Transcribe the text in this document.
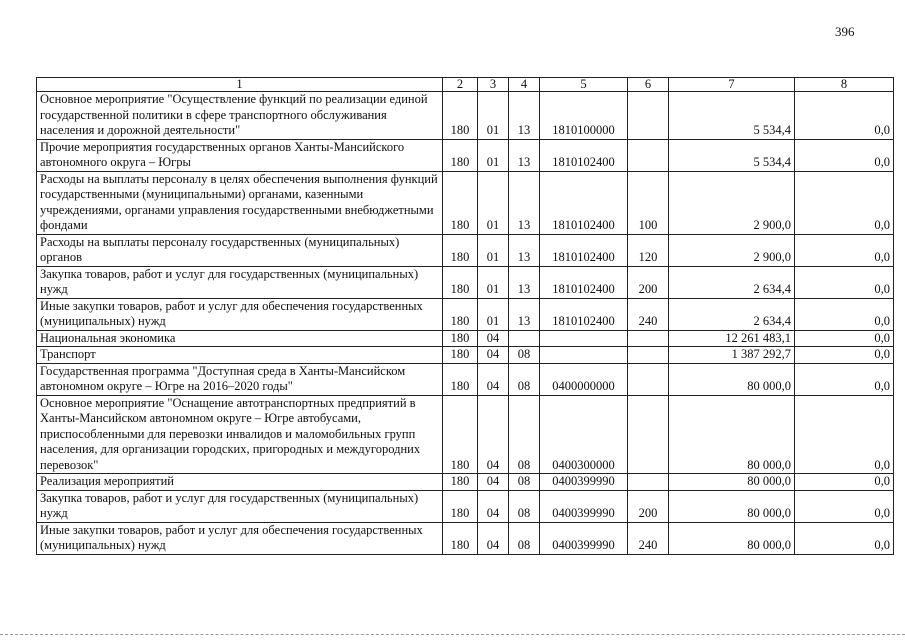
396
1	2	3	4	5	6	7	8
Основное мероприятие "Осуществление функций по реализации единой государственной политики в сфере транспортного обслуживания населения и дорожной деятельности"	180	01	13	1810100000		5 534,4	0,0
Прочие мероприятия государственных органов Ханты-Мансийского автономного округа – Югры	180	01	13	1810102400		5 534,4	0,0
Расходы на выплаты персоналу в целях обеспечения выполнения функций государственными (муниципальными) органами, казенными учреждениями, органами управления государственными внебюджетными фондами	180	01	13	1810102400	100	2 900,0	0,0
Расходы на выплаты персоналу государственных (муниципальных) органов	180	01	13	1810102400	120	2 900,0	0,0
Закупка товаров, работ и услуг для государственных (муниципальных) нужд	180	01	13	1810102400	200	2 634,4	0,0
Иные закупки товаров, работ и услуг для обеспечения государственных (муниципальных) нужд	180	01	13	1810102400	240	2 634,4	0,0
Национальная экономика	180	04				12 261 483,1	0,0
Транспорт	180	04	08			1 387 292,7	0,0
Государственная программа "Доступная среда в Ханты-Мансийском автономном округе – Югре на 2016–2020 годы"	180	04	08	0400000000		80 000,0	0,0
Основное мероприятие "Оснащение автотранспортных предприятий в Ханты-Мансийском автономном округе – Югре автобусами, приспособленными для перевозки инвалидов и маломобильных групп населения, для организации городских, пригородных и междугородних перевозок"	180	04	08	0400300000		80 000,0	0,0
Реализация мероприятий	180	04	08	0400399990		80 000,0	0,0
Закупка товаров, работ и услуг для государственных (муниципальных) нужд	180	04	08	0400399990	200	80 000,0	0,0
Иные закупки товаров, работ и услуг для обеспечения государственных (муниципальных) нужд	180	04	08	0400399990	240	80 000,0	0,0
